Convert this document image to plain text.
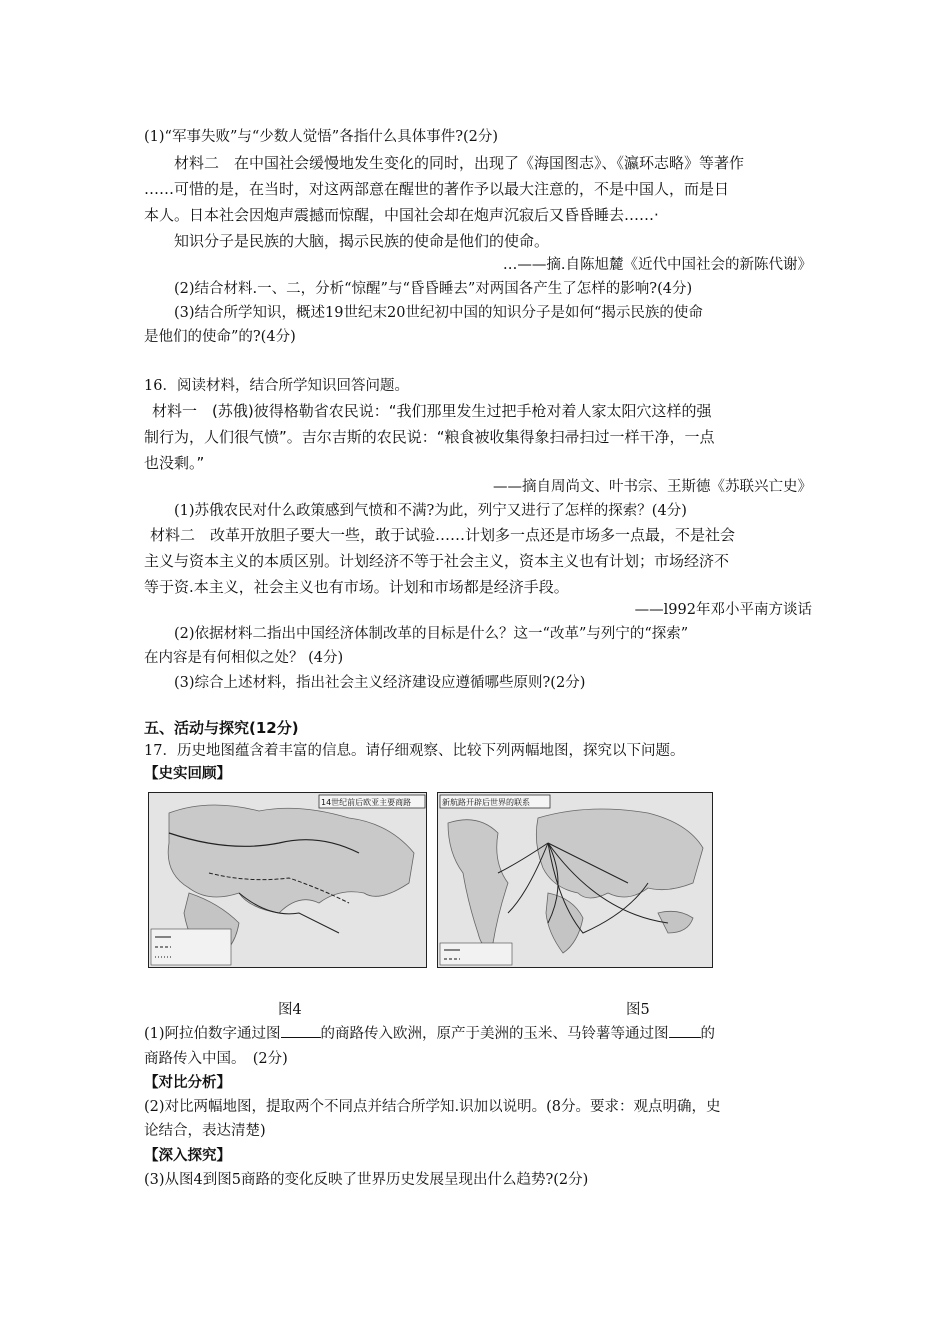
(1)“军事失败”与“少数人觉悟”各指什么具体事件?(2分)
材料二　在中国社会缓慢地发生变化的同时，出现了《海国图志》、《瀛环志略》等著作
……可惜的是，在当时，对这两部意在醒世的著作予以最大注意的，不是中国人，而是日
本人。日本社会因炮声震撼而惊醒，中国社会却在炮声沉寂后又昏昏睡去……·
知识分子是民族的大脑，揭示民族的使命是他们的使命。
…——摘.自陈旭麓《近代中国社会的新陈代谢》
(2)结合材料.一、二，分析“惊醒”与“昏昏睡去”对两国各产生了怎样的影响?(4分)
(3)结合所学知识，概述19世纪末20世纪初中国的知识分子是如何“揭示民族的使命
是他们的使命”的?(4分)
16．阅读材料，结合所学知识回答问题。
材料一　(苏俄)彼得格勒省农民说：“我们那里发生过把手枪对着人家太阳穴这样的强
制行为，人们很气愤”。吉尔吉斯的农民说：“粮食被收集得象扫帚扫过一样干净，一点
也没剩。”
——摘自周尚文、叶书宗、王斯德《苏联兴亡史》
(1)苏俄农民对什么政策感到气愤和不满?为此，列宁又进行了怎样的探索？(4分)
材料二　改革开放胆子要大一些，敢于试验……计划多一点还是市场多一点最，不是社会
主义与资本主义的本质区别。计划经济不等于社会主义，资本主义也有计划；市场经济不
等于资.本主义，社会主义也有市场。计划和市场都是经济手段。
——l992年邓小平南方谈话
(2)依据材料二指出中国经济体制改革的目标是什么？这一“改革”与列宁的“探索”
在内容是有何相似之处？ (4分)
(3)综合上述材料，指出社会主义经济建设应遵循哪些原则?(2分)
五、活动与探究(12分)
17．历史地图蕴含着丰富的信息。请仔细观察、比较下列两幅地图，探究以下问题。
【史实回顾】
14世纪前后欧亚主要商路	新航路开辟后世界的联系
图4	图5
(1)阿拉伯数字通过图	的商路传入欧洲，原产于美洲的玉米、马铃薯等通过图 的
商路传入中国。　(2分)
【对比分析】
(2)对比两幅地图，提取两个不同点并结合所学知.识加以说明。(8分。要求：观点明确，史
论结合，表达清楚)
【深入探究】
(3)从图4到图5商路的变化反映了世界历史发展呈现出什么趋势?(2分)
